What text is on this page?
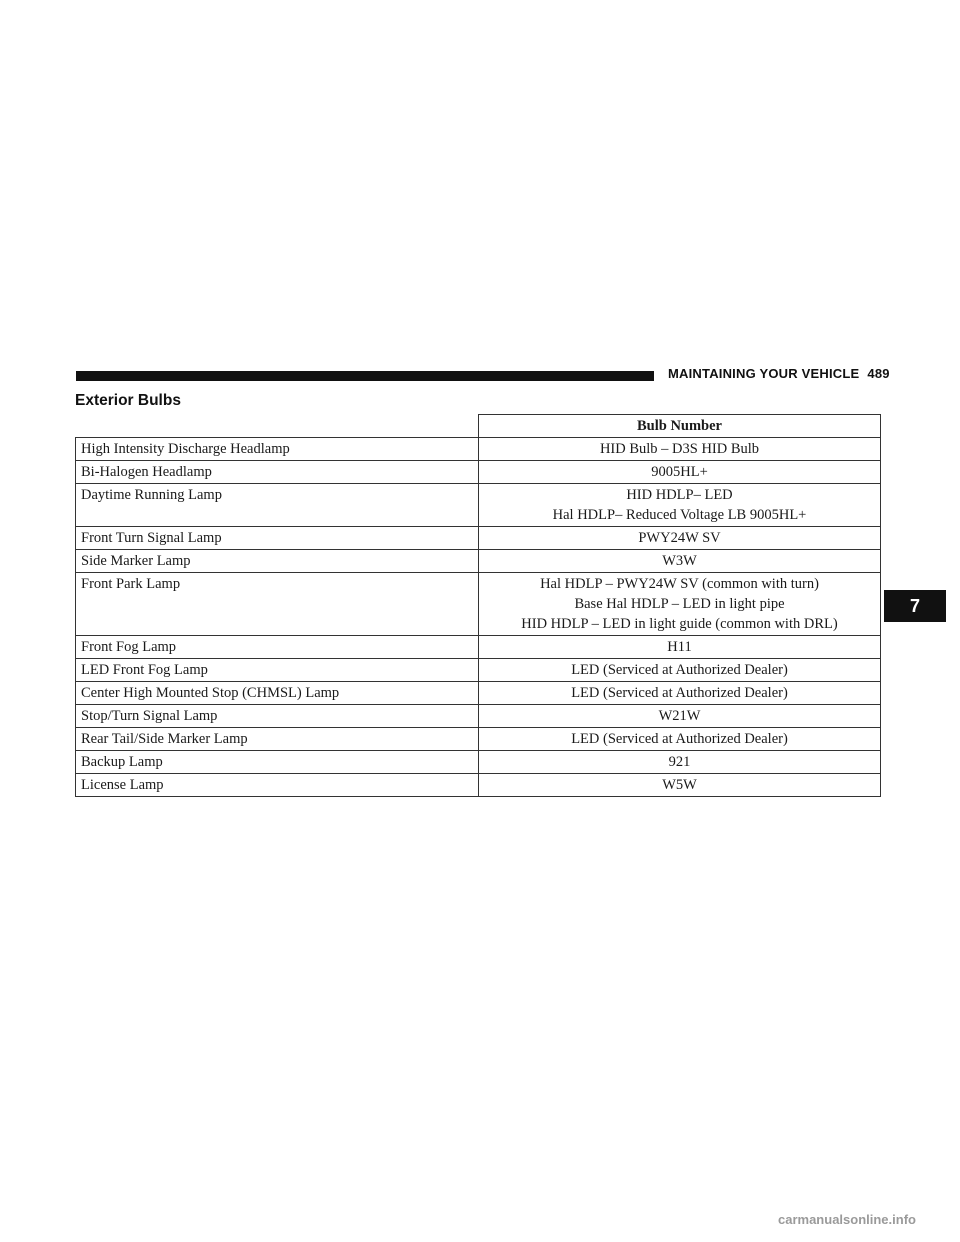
MAINTAINING YOUR VEHICLE 489
Exterior Bulbs
	Bulb Number
High Intensity Discharge Headlamp	HID Bulb – D3S HID Bulb
Bi-Halogen Headlamp	9005HL+
Daytime Running Lamp	HID HDLP– LED
Hal HDLP– Reduced Voltage LB 9005HL+
Front Turn Signal Lamp	PWY24W SV
Side Marker Lamp	W3W
Front Park Lamp	Hal HDLP – PWY24W SV (common with turn)
Base Hal HDLP – LED in light pipe
HID HDLP – LED in light guide (common with DRL)
Front Fog Lamp	H11
LED Front Fog Lamp	LED (Serviced at Authorized Dealer)
Center High Mounted Stop (CHMSL) Lamp	LED (Serviced at Authorized Dealer)
Stop/Turn Signal Lamp	W21W
Rear Tail/Side Marker Lamp	LED (Serviced at Authorized Dealer)
Backup Lamp	921
License Lamp	W5W
7
carmanualsonline.info
